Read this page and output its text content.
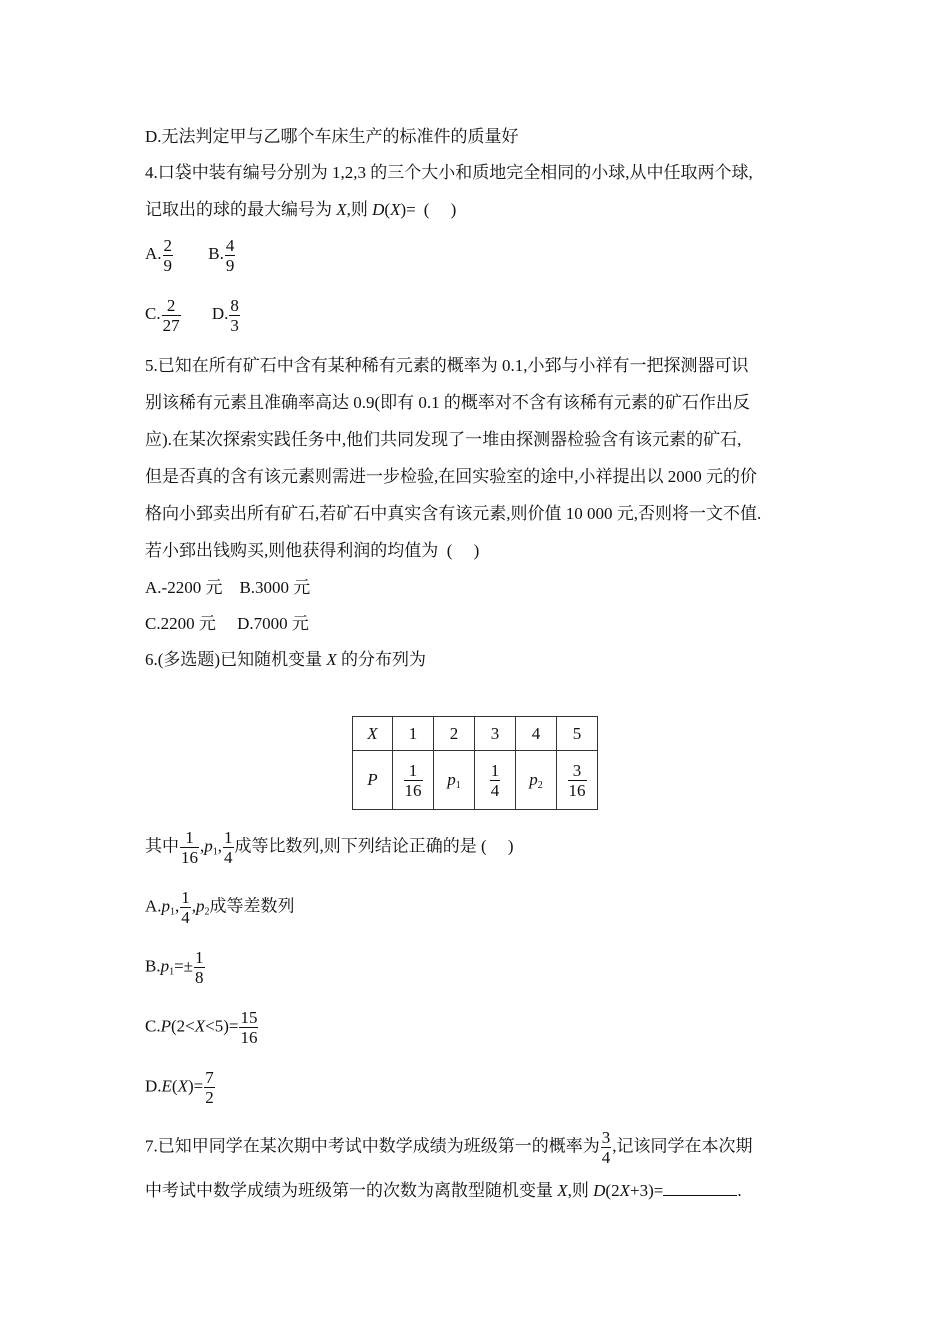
D.无法判定甲与乙哪个车床生产的标准件的质量好
4.口袋中装有编号分别为 1,2,3 的三个大小和质地完全相同的小球,从中任取两个球,
记取出的球的最大编号为 X,则 D(X)= (     )
A. $\frac{2}{9} B$. $\frac{4}{9}$
C. $\frac{2}{27} D$. $\frac{8}{3}$
5.已知在所有矿石中含有某种稀有元素的概率为 0.1,小郅与小祥有一把探测器可识
别该稀有元素且准确率高达 0.9(即有 0.1 的概率对不含有该稀有元素的矿石作出反
应).在某次探索实践任务中,他们共同发现了一堆由探测器检验含有该元素的矿石,
但是否真的含有该元素则需进一步检验,在回实验室的途中,小祥提出以 2000 元的价
格向小郅卖出所有矿石,若矿石中真实含有该元素,则价值 10 000 元,否则将一文不值.
若小郅出钱购买,则他获得利润的均值为  (     )
A.-2200 元    B.3000 元
C.2200 元     D.7000 元
6.(多选题)已知随机变量 X 的分布列为
X	1	2	3	4	5
P	$\frac{1}{16}$	$p_1$	$\frac{1}{4}$	$p_2$	$\frac{3}{16}$
其中 $\frac{1}{16} ,p_1$, $\frac{1}{4}$ 成等比数列,则下列结论正确的是 (     )
$A.p_1$, $\frac{1}{4} ,p_2$成等差数列
$B.p_1=\pm \frac{1}{8}$
$C.P(2<X<5)= \frac{15}{16}$
$D.E(X)= \frac{7}{2}$
7.已知甲同学在某次期中考试中数学成绩为班级第一的概率为 $\frac{3}{4}$ ,记该同学在本次期
中考试中数学成绩为班级第一的次数为离散型随机变量 X,则 D(2X+3)=	.
